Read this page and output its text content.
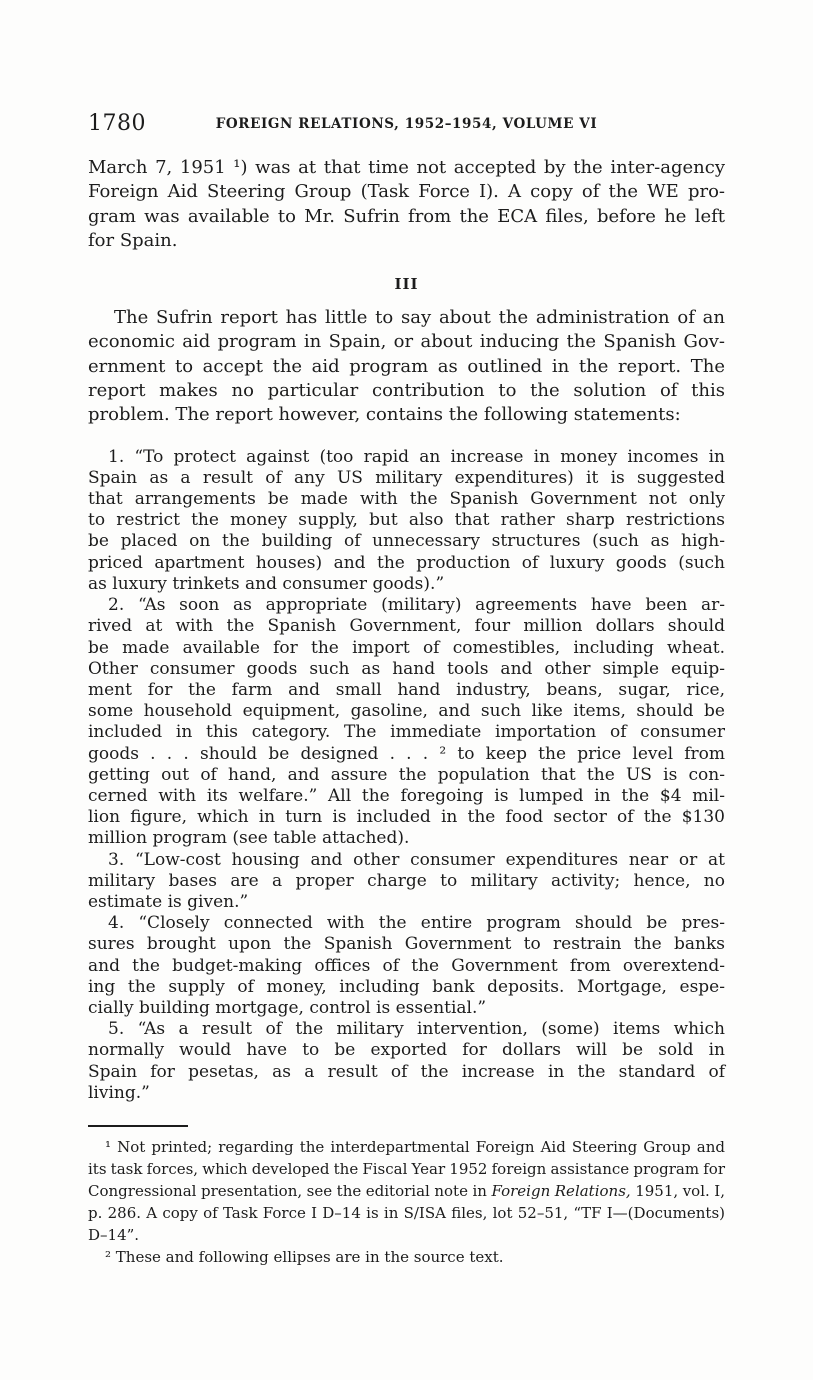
1780	FOREIGN RELATIONS, 1952–1954, VOLUME VI
March 7, 1951 ¹) was at that time not accepted by the inter-agency
Foreign Aid Steering Group (Task Force I). A copy of the WE pro-
gram was available to Mr. Sufrin from the ECA files, before he left
for Spain.
III
The Sufrin report has little to say about the administration of an
economic aid program in Spain, or about inducing the Spanish Gov-
ernment to accept the aid program as outlined in the report. The
report makes no particular contribution to the solution of this
problem. The report however, contains the following statements:
1. “To protect against (too rapid an increase in money incomes in
Spain as a result of any US military expenditures) it is suggested
that arrangements be made with the Spanish Government not only
to restrict the money supply, but also that rather sharp restrictions
be placed on the building of unnecessary structures (such as high-
priced apartment houses) and the production of luxury goods (such
as luxury trinkets and consumer goods).”
2. “As soon as appropriate (military) agreements have been ar-
rived at with the Spanish Government, four million dollars should
be made available for the import of comestibles, including wheat.
Other consumer goods such as hand tools and other simple equip-
ment for the farm and small hand industry, beans, sugar, rice,
some household equipment, gasoline, and such like items, should be
included in this category. The immediate importation of consumer
goods . . . should be designed . . . ² to keep the price level from
getting out of hand, and assure the population that the US is con-
cerned with its welfare.” All the foregoing is lumped in the $4 mil-
lion figure, which in turn is included in the food sector of the $130
million program (see table attached).
3. “Low-cost housing and other consumer expenditures near or at
military bases are a proper charge to military activity; hence, no
estimate is given.”
4. “Closely connected with the entire program should be pres-
sures brought upon the Spanish Government to restrain the banks
and the budget-making offices of the Government from overextend-
ing the supply of money, including bank deposits. Mortgage, espe-
cially building mortgage, control is essential.”
5. “As a result of the military intervention, (some) items which
normally would have to be exported for dollars will be sold in
Spain for pesetas, as a result of the increase in the standard of
living.”
¹ Not printed; regarding the interdepartmental Foreign Aid Steering Group and
its task forces, which developed the Fiscal Year 1952 foreign assistance program for
Congressional presentation, see the editorial note in Foreign Relations, 1951, vol. I,
p. 286. A copy of Task Force I D–14 is in S/ISA files, lot 52–51, “TF I—(Documents)
D–14”.
² These and following ellipses are in the source text.
